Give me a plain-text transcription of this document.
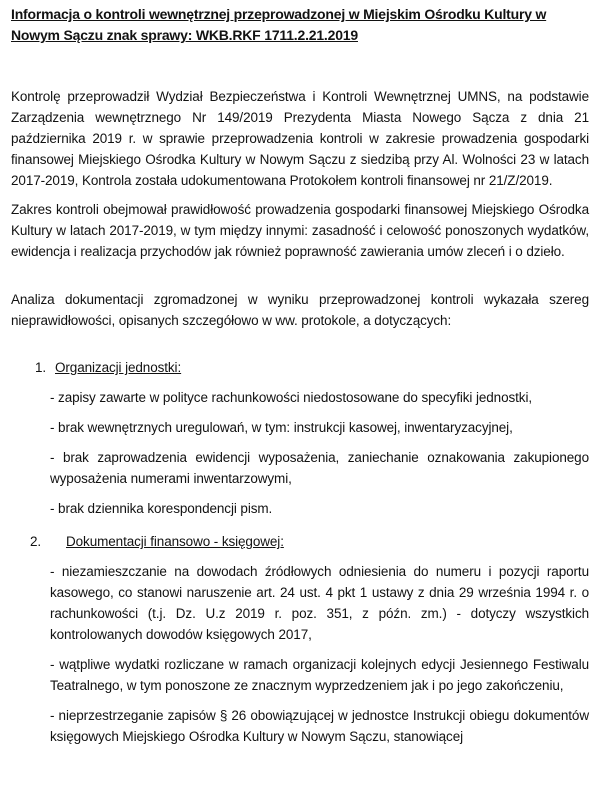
Informacja o kontroli wewnętrznej przeprowadzonej w Miejskim Ośrodku Kultury w Nowym Sączu znak sprawy: WKB.RKF 1711.2.21.2019

Kontrolę przeprowadził Wydział Bezpieczeństwa i Kontroli Wewnętrznej UMNS, na podstawie Zarządzenia wewnętrznego Nr 149/2019 Prezydenta Miasta Nowego Sącza z dnia 21 października 2019 r. w sprawie przeprowadzenia kontroli w zakresie prowadzenia gospodarki finansowej Miejskiego Ośrodka Kultury w Nowym Sączu z siedzibą przy Al. Wolności 23 w latach 2017-2019, Kontrola została udokumentowana Protokołem kontroli finansowej nr 21/Z/2019.

Zakres kontroli obejmował prawidłowość prowadzenia gospodarki finansowej Miejskiego Ośrodka Kultury w latach 2017-2019, w tym między innymi: zasadność i celowość ponoszonych wydatków, ewidencja i realizacja przychodów jak również poprawność zawierania umów zleceń i o dzieło.

Analiza dokumentacji zgromadzonej w wyniku przeprowadzonej kontroli wykazała szereg nieprawidłowości, opisanych szczegółowo w ww. protokole, a dotyczących:

1. Organizacji jednostki:

- zapisy zawarte w polityce rachunkowości niedostosowane do specyfiki jednostki,

- brak wewnętrznych uregulowań, w tym: instrukcji kasowej, inwentaryzacyjnej,

- brak zaprowadzenia ewidencji wyposażenia, zaniechanie oznakowania zakupionego wyposażenia numerami inwentarzowymi,

- brak dziennika korespondencji pism.

2.	Dokumentacji finansowo - księgowej:

- niezamieszczanie na dowodach źródłowych odniesienia do numeru i pozycji raportu kasowego, co stanowi naruszenie art. 24 ust. 4 pkt 1 ustawy z dnia 29 września 1994 r. o rachunkowości (t.j. Dz. U.z 2019 r. poz. 351, z późn. zm.) - dotyczy wszystkich kontrolowanych dowodów księgowych 2017,

- wątpliwe wydatki rozliczane w ramach organizacji kolejnych edycji Jesiennego Festiwalu Teatralnego, w tym ponoszone ze znacznym wyprzedzeniem jak i po jego zakończeniu,

- nieprzestrzeganie zapisów § 26 obowiązującej w jednostce Instrukcji obiegu dokumentów księgowych Miejskiego Ośrodka Kultury w Nowym Sączu, stanowiącej
